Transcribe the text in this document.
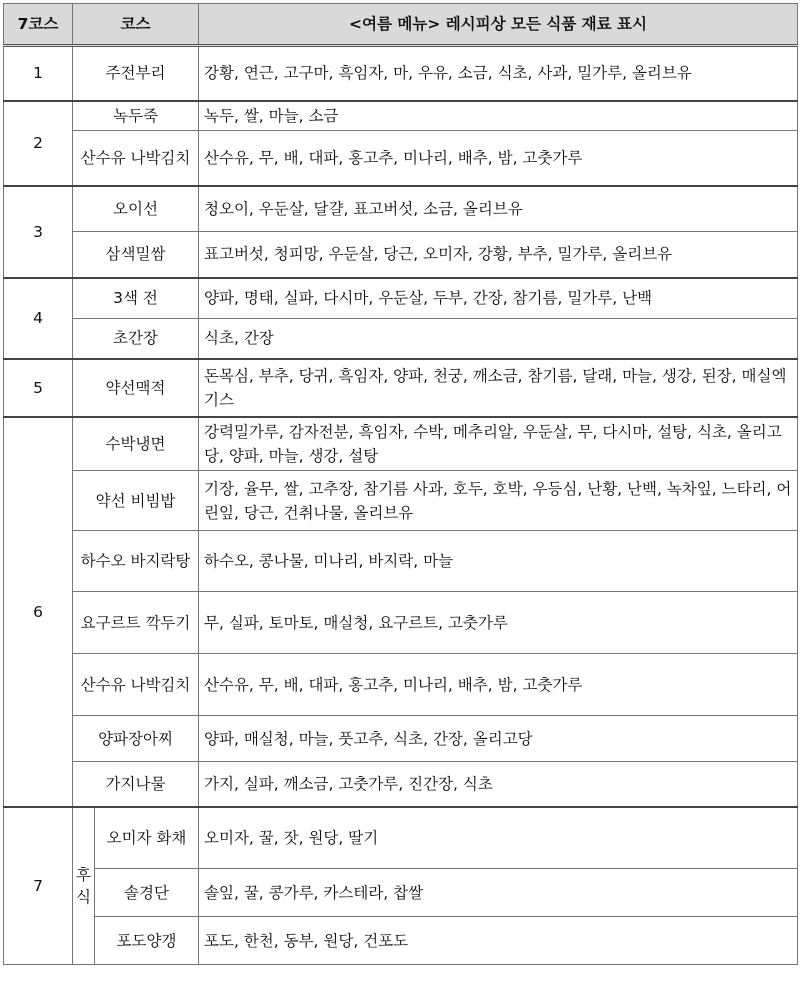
7코스	코스		<여름 메뉴> 레시피상 모든 식품 재료 표시
1	주전부리		강황, 연근, 고구마, 흑임자, 마, 우유, 소금, 식초, 사과, 밀가루, 올리브유
2	녹두죽		녹두, 쌀, 마늘, 소금
	산수유 나박김치		산수유, 무, 배, 대파, 홍고추, 미나리, 배추, 밤, 고춧가루
3	오이선		청오이, 우둔살, 달걀, 표고버섯, 소금, 올리브유
	삼색밀쌈		표고버섯, 청피망, 우둔살, 당근, 오미자, 강황, 부추, 밀가루, 올리브유
4	3색 전		양파, 명태, 실파, 다시마, 우둔살, 두부, 간장, 참기름, 밀가루, 난백
	초간장		식초, 간장
5	약선맥적		돈목심, 부추, 당귀, 흑임자, 양파, 천궁, 깨소금, 참기름, 달래, 마늘, 생강, 된장, 매실엑기스
6	수박냉면		강력밀가루, 감자전분, 흑임자, 수박, 메추리알, 우둔살, 무, 다시마, 설탕, 식초, 올리고당, 양파, 마늘, 생강, 설탕
	약선 비빔밥		기장, 율무, 쌀, 고추장, 참기름 사과, 호두, 호박, 우등심, 난황, 난백, 녹차잎, 느타리, 어린잎, 당근, 건취나물, 올리브유
	하수오 바지락탕		하수오, 콩나물, 미나리, 바지락, 마늘
	요구르트 깍두기		무, 실파, 토마토, 매실청, 요구르트, 고춧가루
	산수유 나박김치		산수유, 무, 배, 대파, 홍고추, 미나리, 배추, 밤, 고춧가루
	양파장아찌		양파, 매실청, 마늘, 풋고추, 식초, 간장, 올리고당
	가지나물		가지, 실파, 깨소금, 고춧가루, 진간장, 식초
7	후식	오미자 화채	오미자, 꿀, 잣, 원당, 딸기
		솔경단	솔잎, 꿀, 콩가루, 카스테라, 찹쌀
		포도양갱	포도, 한천, 동부, 원당, 건포도
